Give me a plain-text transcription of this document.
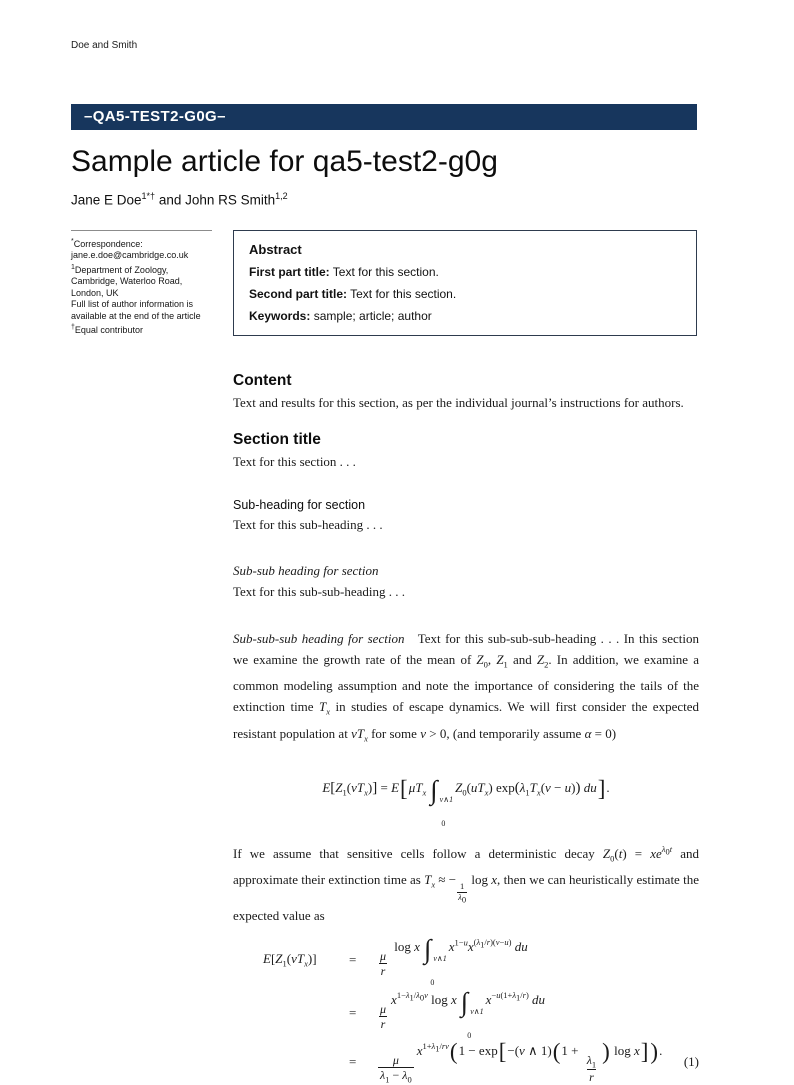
Doe and Smith
–QA5-TEST2-G0G–
Sample article for qa5-test2-g0g
Jane E Doe$^{1*\dagger}$ and John RS Smith$^{1,2}$

*Correspondence: jane.e.doe@cambridge.co.uk

$^1$Department of Zoology, Cambridge, Waterloo Road, London, UK

Full list of author information is available at the end of the article

†Equal contributor

Abstract
First part title: Text for this section.
Second part title: Text for this section.
Keywords: sample; article; author
Content
Text and results for this section, as per the individual journal’s instructions for authors.
Section title
Text for this section . . .
Sub-heading for section
Text for this sub-heading . . .
Sub-sub heading for section
Text for this sub-sub-heading . . .
Sub-sub-sub heading for section Text for this sub-sub-sub-heading . . . In this section we examine the growth rate of the mean of $Z_0$, $Z_1$ and $Z_2$. In addition, we examine a common modeling assumption and note the importance of considering the tails of the extinction time $T_x$ in studies of escape dynamics. We will first consider the expected resistant population at $vT_x$ for some v > 0, (and temporarily assume α = 0)
$E[Z_1(vT_x)] = E[\mu T_x$ ∫ v∧1
0
$Z_0(uT_x) \exp(\lambda_1T_x(v - u))$ du].
If we assume that sensitive cells follow a deterministic decay $Z_0(t) = xe^{\lambda_0t}$ and approximate their extinction time as $T_x$ ≈ −
$\frac{1}{\lambda_0}$
log x, then we can heuristically estimate the expected value as
$E[Z_1(vT_x)]$	=	$\frac{\mu}{r}$
log x ∫ v∧1
0
$x^{1-u}x^{(\lambda_1/r)(v-u)}$ du
=	$\frac{\mu}{r}$
$x^{1-\lambda_1/\lambda_0v}$ log x ∫ v∧1
0
$x^{-u(1+\lambda_1/r)}$ du
=	$\frac{\mu}{\lambda_1 - \lambda_0}$
$x^{1+\lambda_1/rv}(1 - \exp[-(v$ ∧ 1)(1 +
$\frac{\lambda_1}{r}$
) log x]).
(1)
